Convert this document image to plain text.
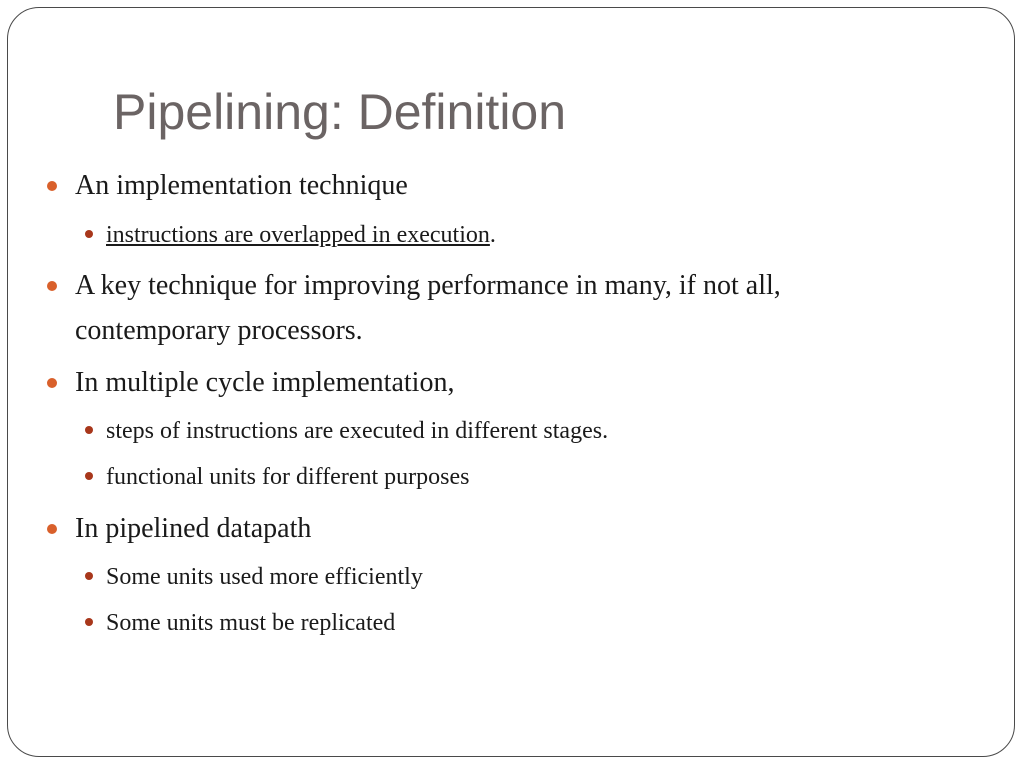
Pipelining: Definition
An implementation technique
instructions are overlapped in execution.
A key technique for improving performance in many, if not all,
contemporary processors.
In multiple cycle implementation,
steps of instructions are executed in different stages.
functional units for different purposes
In pipelined datapath
Some units used more efficiently
Some units must be replicated
